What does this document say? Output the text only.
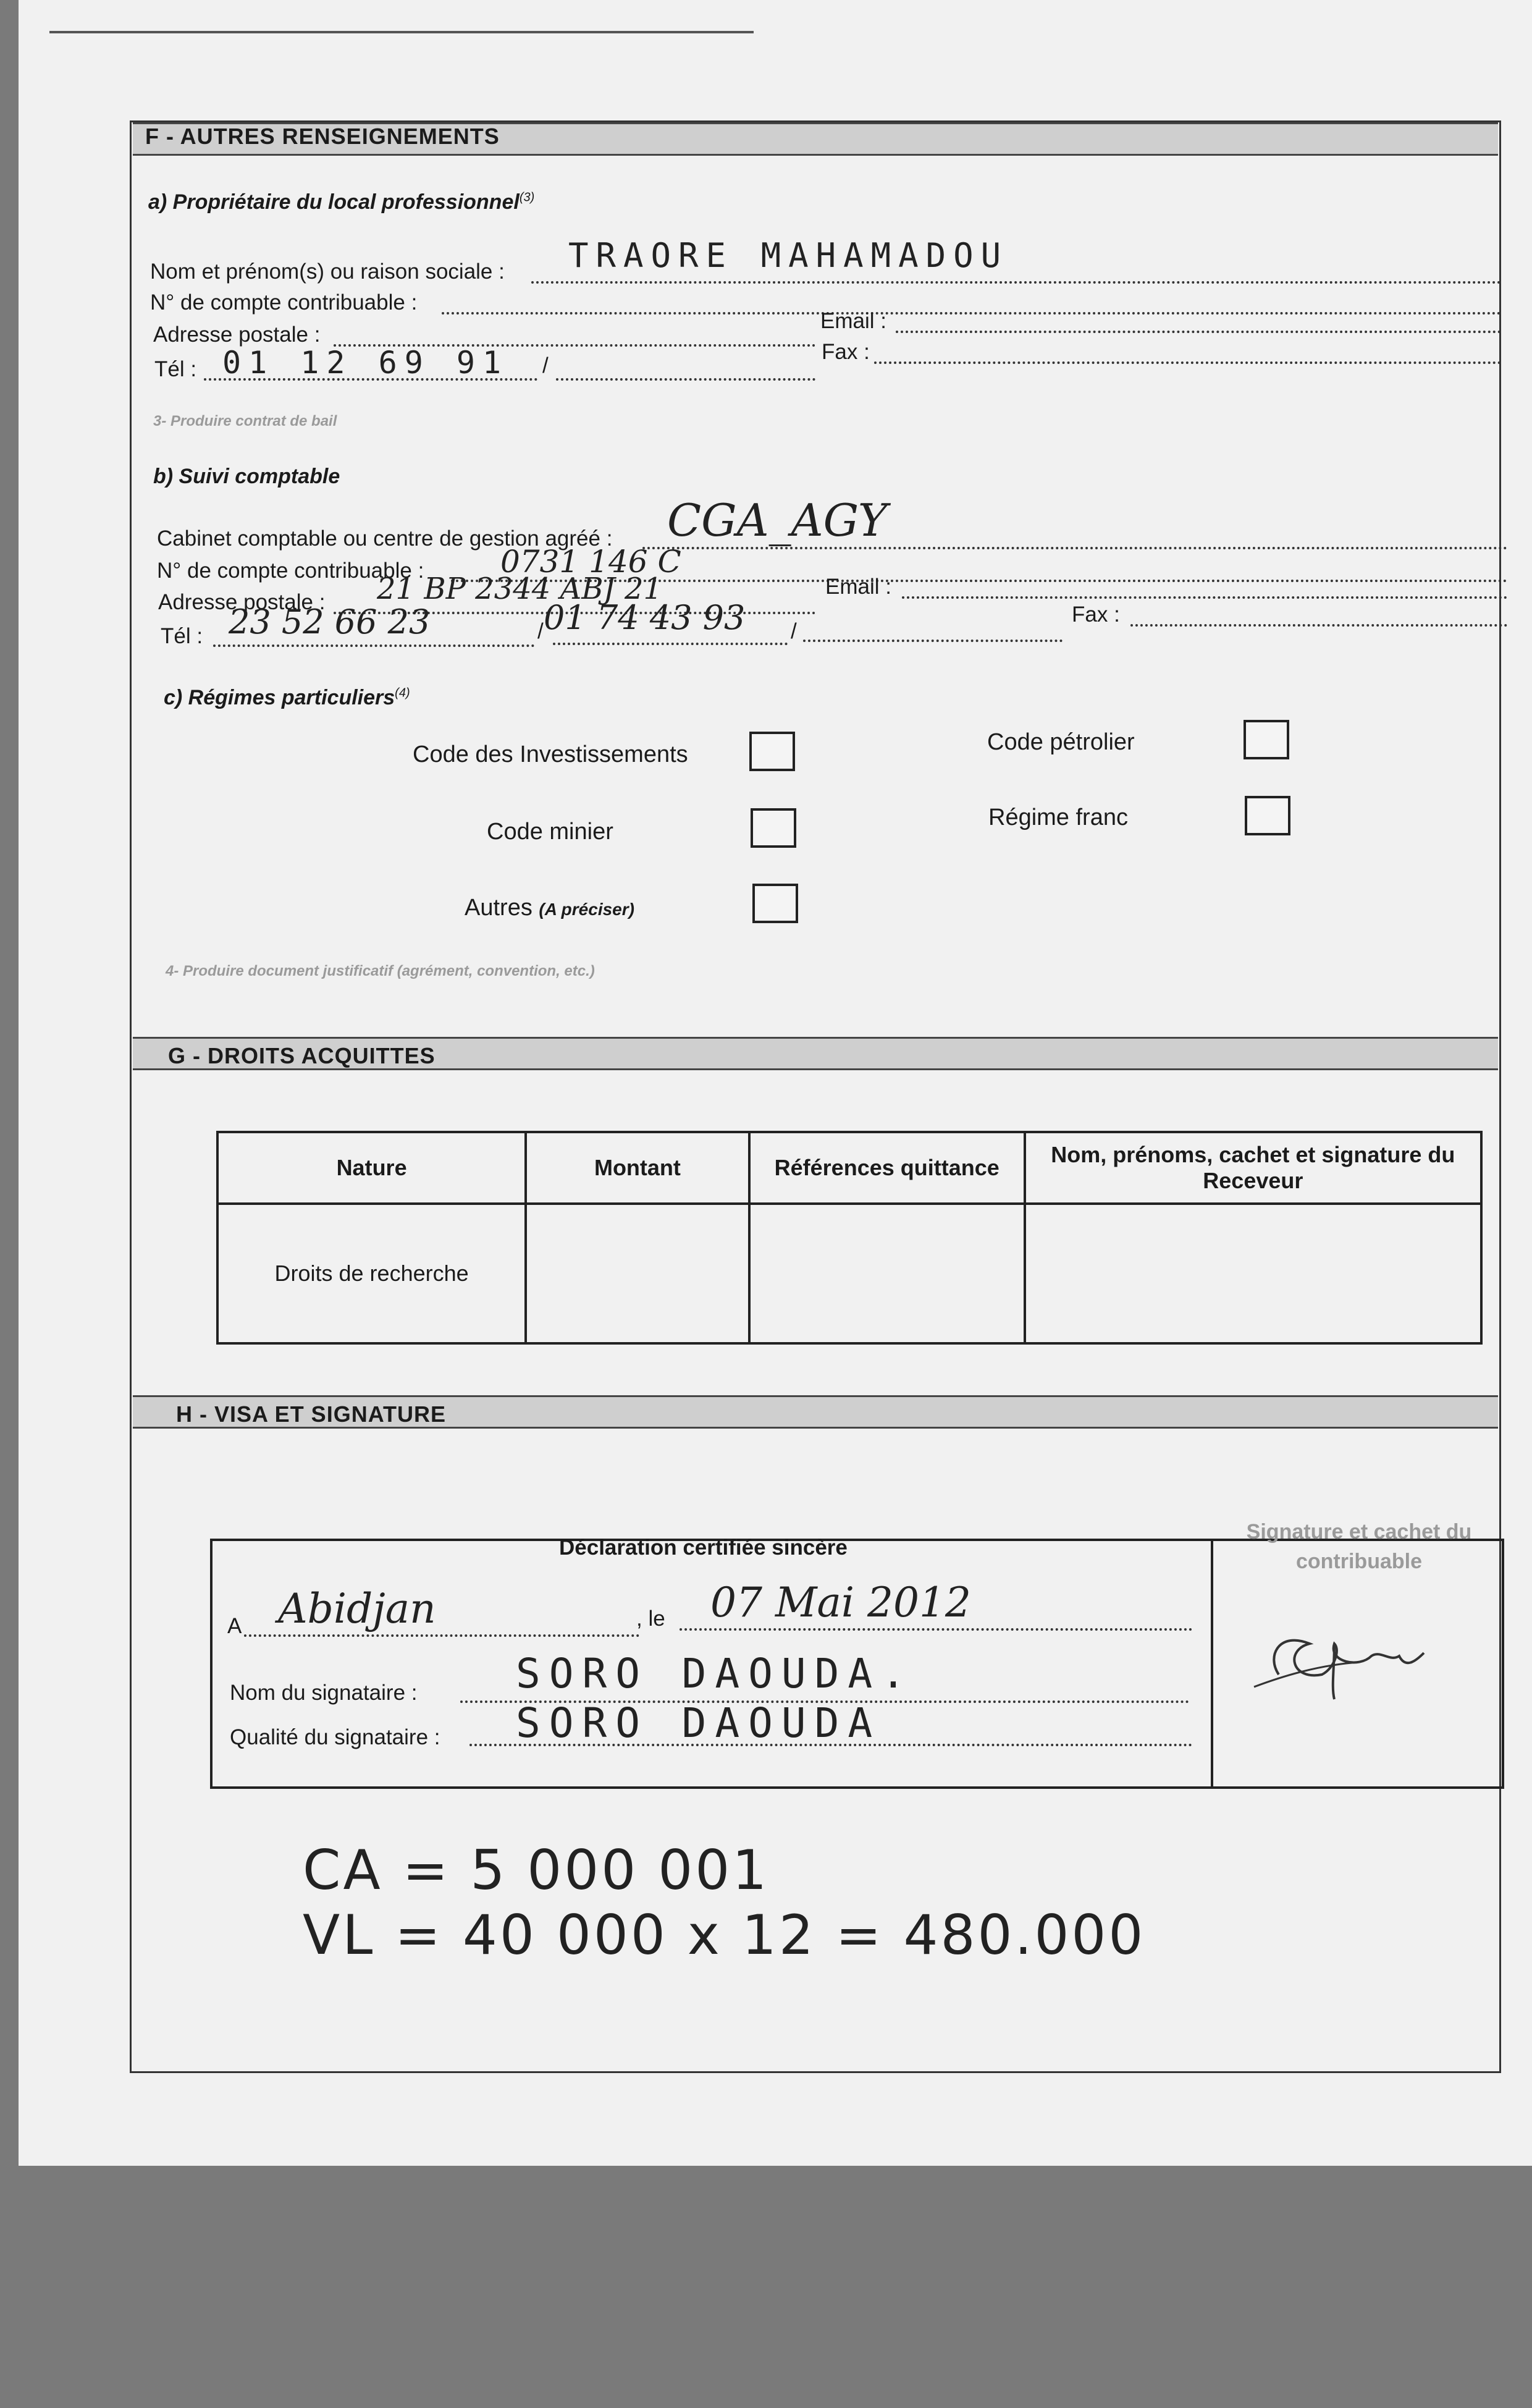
F - AUTRES RENSEIGNEMENTS
a) Propriétaire du local professionnel$^{(3)}$
Nom et prénom(s) ou raison sociale : TRAORE MAHAMADOU
N° de compte contribuable :
Adresse postale :
Email :
Tél : 01 12 69 91 /
Fax :
3- Produire contrat de bail
b) Suivi comptable
Cabinet comptable ou centre de gestion agréé : CGA_AGY
N° de compte contribuable : 0731 146 C
Adresse postale : 21 BP 2344 ABJ 21	Email :
Tél : 23 52 66 23	/ 01 74 43 93 /
Fax :
c) Régimes particuliers$^{(4)}$
Code des Investissements	Code pétrolier
Code minier
Régime franc
Autres (A préciser)
4- Produire document justificatif (agrément, convention, etc.)
G - DROITS ACQUITTES
Nature	Montant	Références quittance	Nom, prénoms, cachet et signature du Receveur
Droits de recherche			
H - VISA ET SIGNATURE
Déclaration certifiée sincère
A Abidjan	, le 07 Mai 2012
Nom du signataire : SORO DAOUDA.
Qualité du signataire : SORO DAOUDA
Signature et cachet du contribuable
CA = 5 000 001
VL = 40 000 x 12 = 480.000
